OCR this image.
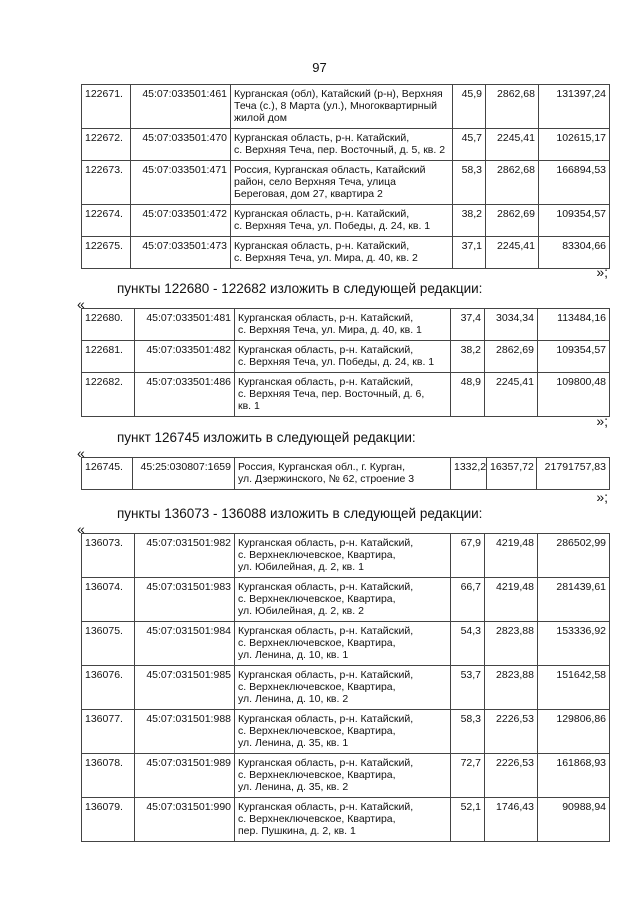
97
122671.	45:07:033501:461	Курганская (обл), Катайский (р-н), Верхняя
Теча (с.), 8 Марта (ул.), Многоквартирный
жилой дом	45,9	2862,68	131397,24
122672.	45:07:033501:470	Курганская область, р-н. Катайский,
с. Верхняя Теча, пер. Восточный, д. 5, кв. 2	45,7	2245,41	102615,17
122673.	45:07:033501:471	Россия, Курганская область, Катайский
район, село Верхняя Теча, улица
Береговая, дом 27, квартира 2	58,3	2862,68	166894,53
122674.	45:07:033501:472	Курганская область, р-н. Катайский,
с. Верхняя Теча, ул. Победы, д. 24, кв. 1	38,2	2862,69	109354,57
122675.	45:07:033501:473	Курганская область, р-н. Катайский,
с. Верхняя Теча, ул. Мира, д. 40, кв. 2	37,1	2245,41	83304,66
»;
пункты 122680 - 122682 изложить в следующей редакции:
«
122680.	45:07:033501:481	Курганская область, р-н. Катайский,
с. Верхняя Теча, ул. Мира, д. 40, кв. 1	37,4	3034,34	113484,16
122681.	45:07:033501:482	Курганская область, р-н. Катайский,
с. Верхняя Теча, ул. Победы, д. 24, кв. 1	38,2	2862,69	109354,57
122682.	45:07:033501:486	Курганская область, р-н. Катайский,
с. Верхняя Теча, пер. Восточный, д. 6,
кв. 1	48,9	2245,41	109800,48
»;
пункт 126745 изложить в следующей редакции:
«
126745.	45:25:030807:1659	Россия, Курганская обл., г. Курган,
ул. Дзержинского, № 62, строение 3
	1332,2	16357,72	21791757,83
»;
пункты 136073 - 136088 изложить в следующей редакции:
«
136073.	45:07:031501:982	Курганская область, р-н. Катайский,
с. Верхнеключевское, Квартира,
ул. Юбилейная, д. 2, кв. 1	67,9	4219,48	286502,99
136074.	45:07:031501:983	Курганская область, р-н. Катайский,
с. Верхнеключевское, Квартира,
ул. Юбилейная, д. 2, кв. 2	66,7	4219,48	281439,61
136075.	45:07:031501:984	Курганская область, р-н. Катайский,
с. Верхнеключевское, Квартира,
ул. Ленина, д. 10, кв. 1	54,3	2823,88	153336,92
136076.	45:07:031501:985	Курганская область, р-н. Катайский,
с. Верхнеключевское, Квартира,
ул. Ленина, д. 10, кв. 2	53,7	2823,88	151642,58
136077.	45:07:031501:988	Курганская область, р-н. Катайский,
с. Верхнеключевское, Квартира,
ул. Ленина, д. 35, кв. 1	58,3	2226,53	129806,86
136078.	45:07:031501:989	Курганская область, р-н. Катайский,
с. Верхнеключевское, Квартира,
ул. Ленина, д. 35, кв. 2	72,7	2226,53	161868,93
136079.	45:07:031501:990	Курганская область, р-н. Катайский,
с. Верхнеключевское, Квартира,
пер. Пушкина, д. 2, кв. 1	52,1	1746,43	90988,94
